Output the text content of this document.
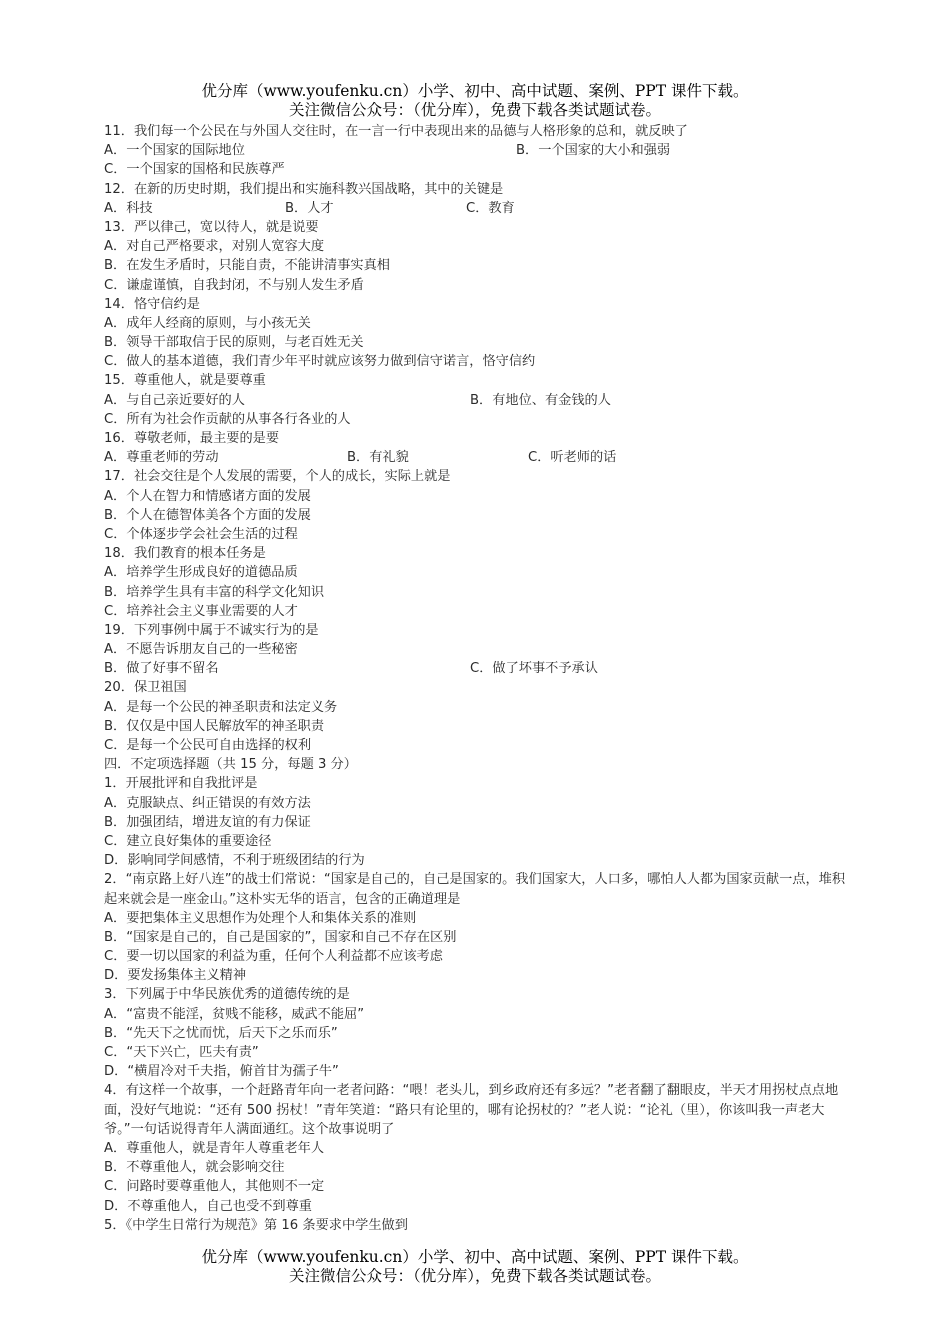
优分库（www.youfenku.cn）小学、初中、高中试题、案例、PPT 课件下载。
关注微信公众号：（优分库），免费下载各类试题试卷。
11．我们每一个公民在与外国人交往时，在一言一行中表现出来的品德与人格形象的总和，就反映了
A．一个国家的国际地位	B．一个国家的大小和强弱
C．一个国家的国格和民族尊严
12．在新的历史时期，我们提出和实施科教兴国战略，其中的关键是
A．科技	B．人才	C．教育
13．严以律己，宽以待人，就是说要
A．对自己严格要求，对别人宽容大度
B．在发生矛盾时，只能自责，不能讲清事实真相
C．谦虚谨慎，自我封闭，不与别人发生矛盾
14．恪守信约是
A．成年人经商的原则，与小孩无关
B．领导干部取信于民的原则，与老百姓无关
C．做人的基本道德，我们青少年平时就应该努力做到信守诺言，恪守信约
15．尊重他人，就是要尊重
A．与自己亲近要好的人	B．有地位、有金钱的人
C．所有为社会作贡献的从事各行各业的人
16．尊敬老师，最主要的是要
A．尊重老师的劳动	B．有礼貌	C．听老师的话
17．社会交往是个人发展的需要，个人的成长，实际上就是
A．个人在智力和情感诸方面的发展
B．个人在德智体美各个方面的发展
C．个体逐步学会社会生活的过程
18．我们教育的根本任务是
A．培养学生形成良好的道德品质
B．培养学生具有丰富的科学文化知识
C．培养社会主义事业需要的人才
19．下列事例中属于不诚实行为的是
A．不愿告诉朋友自己的一些秘密
B．做了好事不留名	C．做了坏事不予承认
20．保卫祖国
A．是每一个公民的神圣职责和法定义务
B．仅仅是中国人民解放军的神圣职责
C．是每一个公民可自由选择的权利
四．不定项选择题（共 15 分，每题 3 分）
1．开展批评和自我批评是
A．克服缺点、纠正错误的有效方法
B．加强团结，增进友谊的有力保证
C．建立良好集体的重要途径
D．影响同学间感情，不利于班级团结的行为
2．“南京路上好八连”的战士们常说：“国家是自己的，自己是国家的。我们国家大，人口多，哪怕人人都为国家贡献一点，堆积起来就会是一座金山。”这朴实无华的语言，包含的正确道理是
A．要把集体主义思想作为处理个人和集体关系的准则
B．“国家是自己的，自己是国家的”，国家和自己不存在区别
C．要一切以国家的利益为重，任何个人利益都不应该考虑
D．要发扬集体主义精神
3．下列属于中华民族优秀的道德传统的是
A．“富贵不能淫，贫贱不能移，威武不能屈”
B．“先天下之忧而忧，后天下之乐而乐”
C．“天下兴亡，匹夫有责”
D．“横眉冷对千夫指，俯首甘为孺子牛”
4．有这样一个故事，一个赶路青年向一老者问路：“喂！老头儿，到乡政府还有多远？”老者翻了翻眼皮，半天才用拐杖点点地面，没好气地说：“还有 500 拐杖！”青年笑道：“路只有论里的，哪有论拐杖的？”老人说：“论礼（里），你该叫我一声老大爷。”一句话说得青年人满面通红。这个故事说明了
A．尊重他人，就是青年人尊重老年人
B．不尊重他人，就会影响交往
C．问路时要尊重他人，其他则不一定
D．不尊重他人，自己也受不到尊重
5．《中学生日常行为规范》第 16 条要求中学生做到
优分库（www.youfenku.cn）小学、初中、高中试题、案例、PPT 课件下载。
关注微信公众号：（优分库），免费下载各类试题试卷。
